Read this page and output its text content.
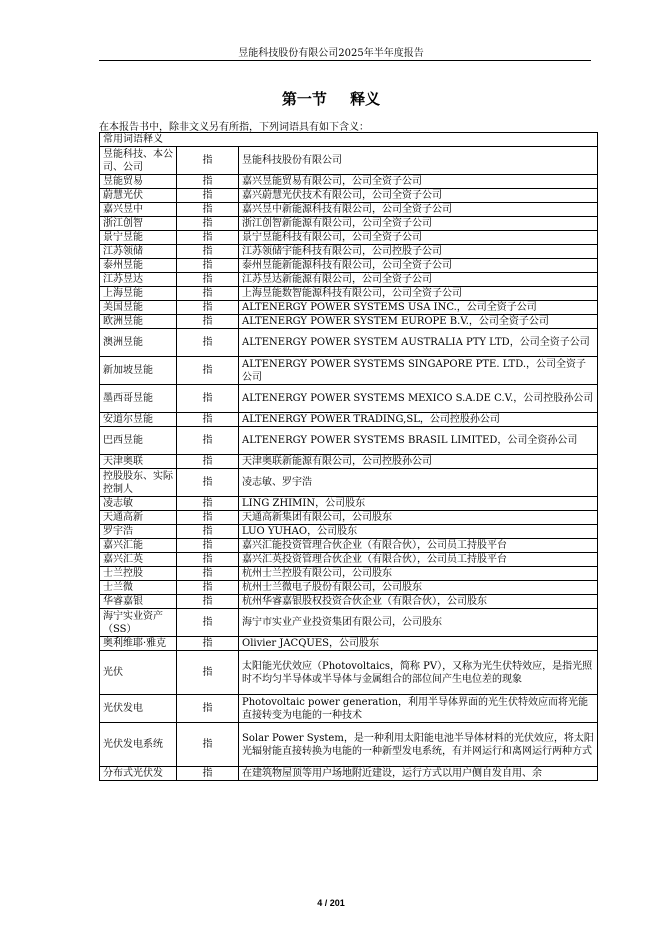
昱能科技股份有限公司2025年半年度报告
第一节 释义
在本报告书中，除非文义另有所指，下列词语具有如下含义：
常用词语释义		
昱能科技、本公司、公司	指	昱能科技股份有限公司
昱能贸易	指	嘉兴昱能贸易有限公司，公司全资子公司
蔚慧光伏	指	嘉兴蔚慧光伏技术有限公司，公司全资子公司
嘉兴昱中	指	嘉兴昱中新能源科技有限公司，公司全资子公司
浙江创智	指	浙江创智新能源有限公司，公司全资子公司
景宁昱能	指	景宁昱能科技有限公司，公司全资子公司
江苏领储	指	江苏领储宇能科技有限公司，公司控股子公司
泰州昱能	指	泰州昱能新能源科技有限公司，公司全资子公司
江苏昱达	指	江苏昱达新能源有限公司，公司全资子公司
上海昱能	指	上海昱能数智能源科技有限公司，公司全资子公司
美国昱能	指	ALTENERGY POWER SYSTEMS USA INC.，公司全资子公司
欧洲昱能	指	ALTENERGY POWER SYSTEM EUROPE B.V.，公司全资子公司
澳洲昱能	指	ALTENERGY POWER SYSTEM AUSTRALIA PTY LTD，公司全资子公司
新加坡昱能	指	ALTENERGY POWER SYSTEMS SINGAPORE PTE. LTD.，公司全资子公司
墨西哥昱能	指	ALTENERGY POWER SYSTEMS MEXICO S.A.DE C.V.，公司控股孙公司
安道尔昱能	指	ALTENERGY POWER TRADING,SL，公司控股孙公司
巴西昱能	指	ALTENERGY POWER SYSTEMS BRASIL LIMITED，公司全资孙公司
天津奥联	指	天津奥联新能源有限公司，公司控股孙公司
控股股东、实际控制人	指	凌志敏、罗宇浩
凌志敏	指	LING ZHIMIN，公司股东
天通高新	指	天通高新集团有限公司，公司股东
罗宇浩	指	LUO YUHAO，公司股东
嘉兴汇能	指	嘉兴汇能投资管理合伙企业（有限合伙），公司员工持股平台
嘉兴汇英	指	嘉兴汇英投资管理合伙企业（有限合伙），公司员工持股平台
士兰控股	指	杭州士兰控股有限公司，公司股东
士兰微	指	杭州士兰微电子股份有限公司，公司股东
华睿嘉银	指	杭州华睿嘉银股权投资合伙企业（有限合伙），公司股东
海宁实业资产（SS）	指	海宁市实业产业投资集团有限公司，公司股东
奥利维耶·雅克	指	Olivier JACQUES，公司股东
光伏	指	太阳能光伏效应（Photovoltaics，简称 PV），又称为光生伏特效应，是指光照时不均匀半导体或半导体与金属组合的部位间产生电位差的现象
光伏发电	指	Photovoltaic power generation，利用半导体界面的光生伏特效应而将光能直接转变为电能的一种技术
光伏发电系统	指	Solar Power System，是一种利用太阳能电池半导体材料的光伏效应，将太阳光辐射能直接转换为电能的一种新型发电系统，有并网运行和离网运行两种方式
分布式光伏发	指	在建筑物屋顶等用户场地附近建设，运行方式以用户侧自发自用、余
4 / 201
